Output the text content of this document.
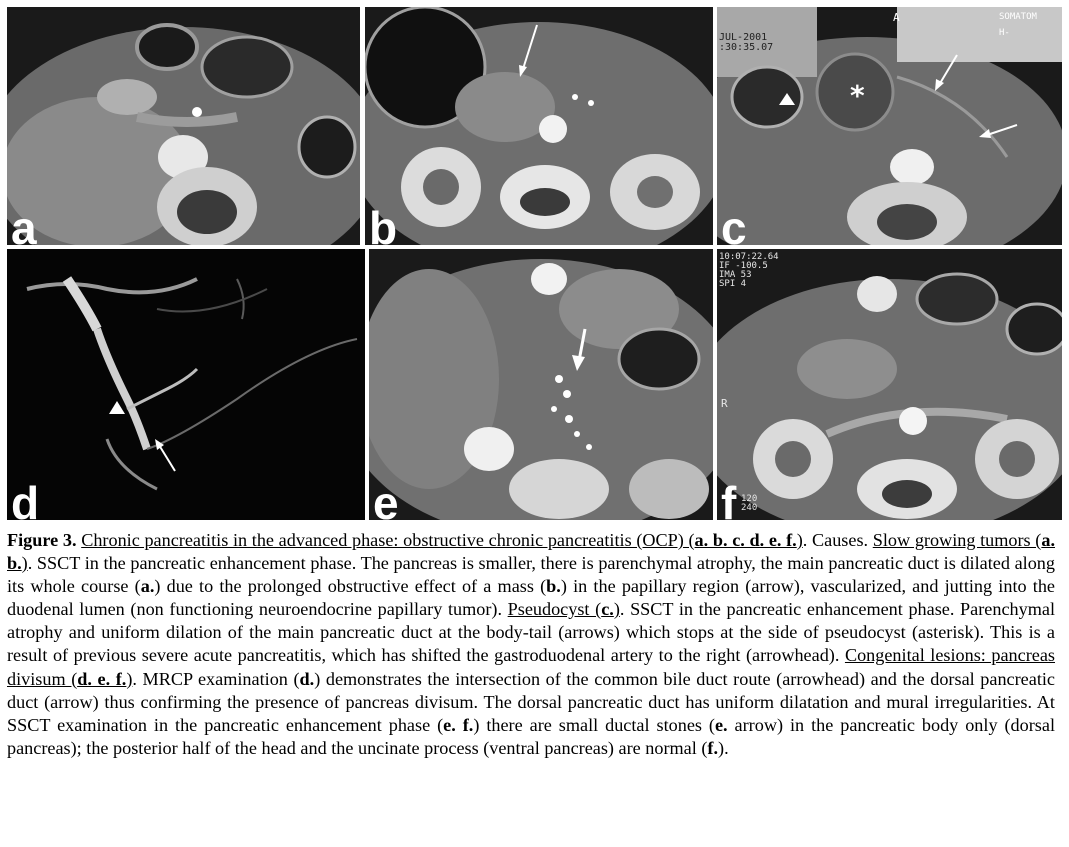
a	b
*
JUL-2001
:30:35.07
A	SOMATOM
H-
c
d	e
10:07:22.64
IF -100.5
IMA 53
SPI 4
R
120
240
f

Figure 3. Chronic pancreatitis in the advanced phase: obstructive chronic pancreatitis (OCP) (a. b. c. d. e. f.). Causes. Slow growing tumors (a. b.). SSCT in the pancreatic enhancement phase. The pancreas is smaller, there is parenchymal atrophy, the main pancreatic duct is dilated along its whole course (a.) due to the prolonged obstructive effect of a mass (b.) in the papillary region (arrow), vascularized, and jutting into the duodenal lumen (non functioning neuroendocrine papillary tumor). Pseudocyst (c.). SSCT in the pancreatic enhancement phase. Parenchymal atrophy and uniform dilation of the main pancreatic duct at the body-tail (arrows) which stops at the side of pseudocyst (asterisk). This is a result of previous severe acute pancreatitis, which has shifted the gastroduodenal artery to the right (arrowhead). Congenital lesions: pancreas divisum (d. e. f.). MRCP examination (d.) demonstrates the intersection of the common bile duct route (arrowhead) and the dorsal pancreatic duct (arrow) thus confirming the presence of pancreas divisum. The dorsal pancreatic duct has uniform dilatation and mural irregularities. At SSCT examination in the pancreatic enhancement phase (e. f.) there are small ductal stones (e. arrow) in the pancreatic body only (dorsal pancreas); the posterior half of the head and the uncinate process (ventral pancreas) are normal (f.).
